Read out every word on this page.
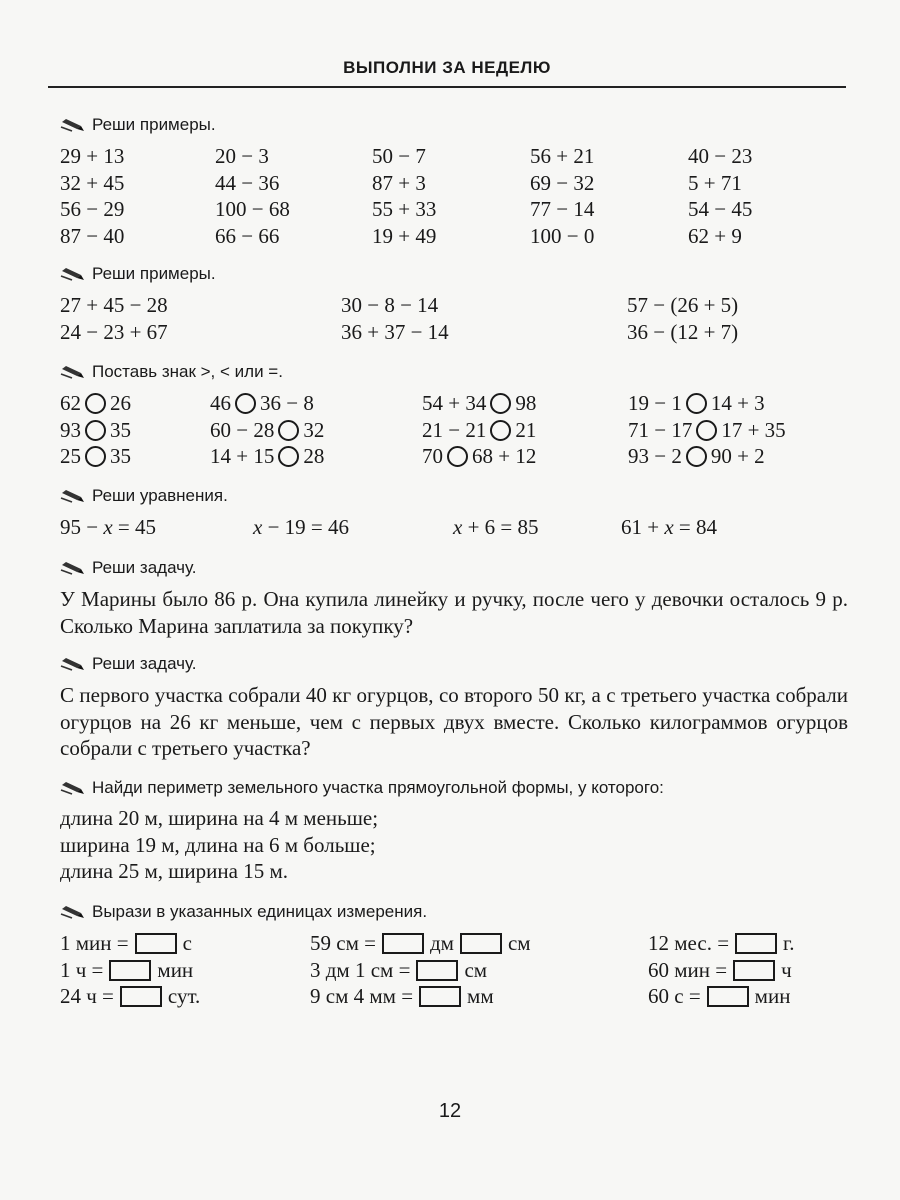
ВЫПОЛНИ ЗА НЕДЕЛЮ
Реши примеры.
29 + 13	20 − 3	50 − 7	56 + 21	40 − 23
32 + 45	44 − 36	87 + 3	69 − 32	5 + 71
56 − 29	100 − 68	55 + 33	77 − 14	54 − 45
87 − 40	66 − 66	19 + 49	100 − 0	62 + 9
Реши примеры.
27 + 45 − 28	30 − 8 − 14	57 − (26 + 5)
24 − 23 + 67	36 + 37 − 14	36 − (12 + 7)
Поставь знак >, < или =.
62 26	46 36 − 8	54 + 34 98	19 − 1 14 + 3
93 35	60 − 28 32	21 − 21 21	71 − 17 17 + 35
25 35	14 + 15 28	70 68 + 12	93 − 2 90 + 2
Реши уравнения.
95 − x = 45	x − 19 = 46	x + 6 = 85	61 + x = 84
Реши задачу.

У Марины было 86 р. Она купила линейку и ручку, после чего у девочки осталось 9 р. Сколько Марина заплатила за покупку?

Реши задачу.

С первого участка собрали 40 кг огурцов, со второго 50 кг, а с третьего участка собрали огурцов на 26 кг меньше, чем с первых двух вместе. Сколько килограммов огурцов собрали с третьего участка?

Найди периметр земельного участка прямоугольной формы, у которого:

длина 20 м, ширина на 4 м меньше;

ширина 19 м, длина на 6 м больше;

длина 25 м, ширина 15 м.

Вырази в указанных единицах измерения.
1 мин =	с	59 см =	дм	см	12 мес. =	г.
1 ч =	мин	3 дм 1 см =	см	60 мин =	ч
24 ч =	сут.	9 см 4 мм =	мм	60 с =	мин
12
